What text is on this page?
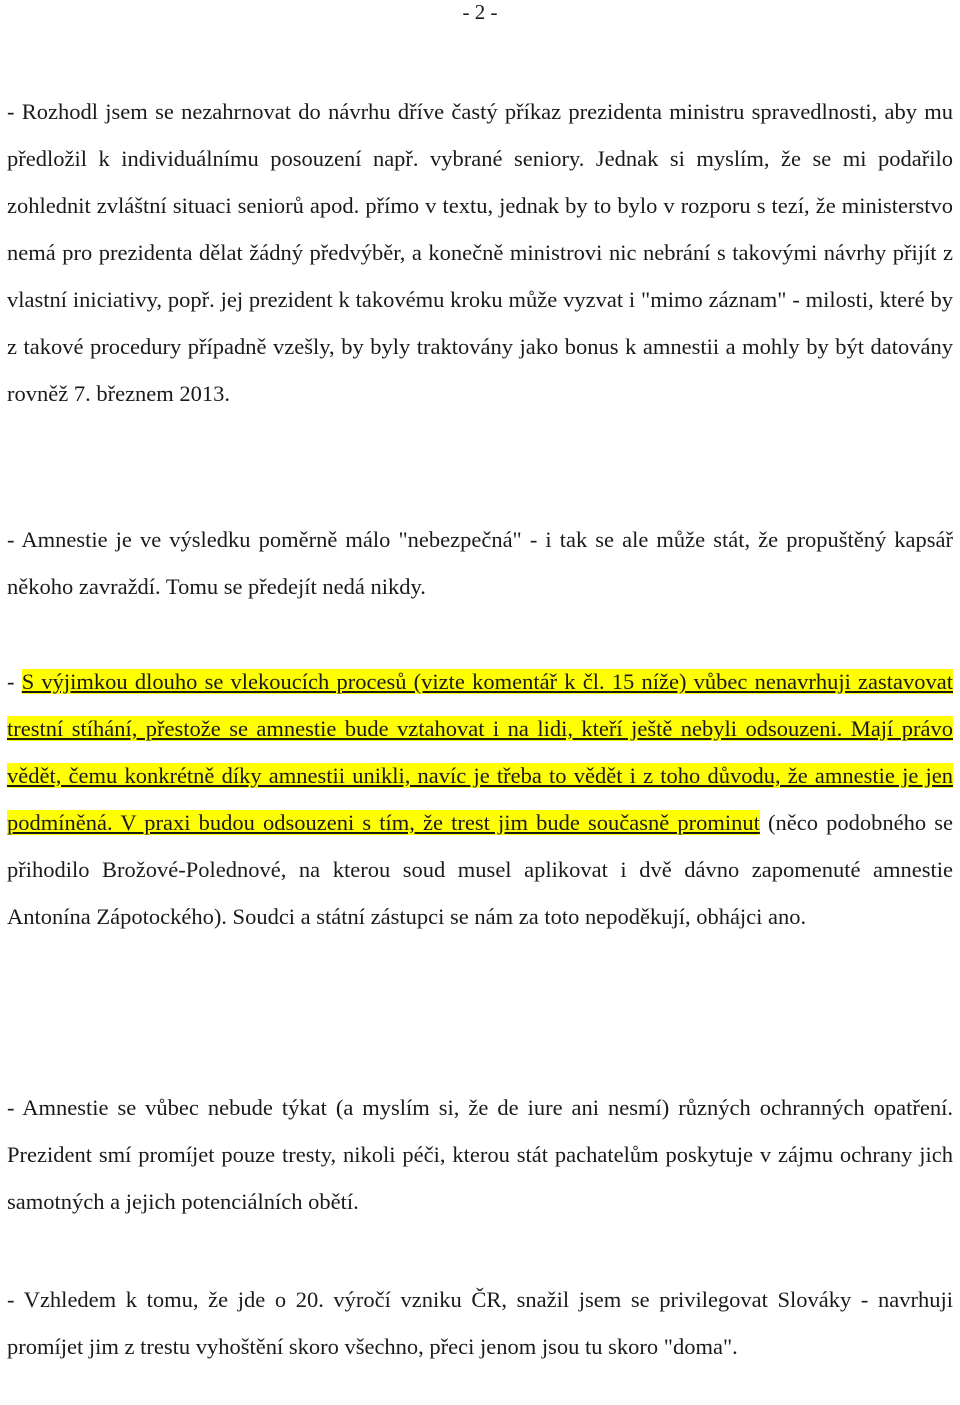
- 2 -

- Rozhodl jsem se nezahrnovat do návrhu dříve častý příkaz prezidenta ministru spravedlnosti, aby mu předložil k individuálnímu posouzení např. vybrané seniory. Jednak si myslím, že se mi podařilo zohlednit zvláštní situaci seniorů apod. přímo v textu, jednak by to bylo v rozporu s tezí, že ministerstvo nemá pro prezidenta dělat žádný předvýběr, a konečně ministrovi nic nebrání s takovými návrhy přijít z vlastní iniciativy, popř. jej prezident k takovému kroku může vyzvat i "mimo záznam" - milosti, které by z takové procedury případně vzešly, by byly traktovány jako bonus k amnestii a mohly by být datovány rovněž 7. březnem 2013.

- Amnestie je ve výsledku poměrně málo "nebezpečná" - i tak se ale může stát, že propuštěný kapsář někoho zavraždí. Tomu se předejít nedá nikdy.

- S výjimkou dlouho se vlekoucích procesů (vizte komentář k čl. 15 níže) vůbec nenavrhuji zastavovat trestní stíhání, přestože se amnestie bude vztahovat i na lidi, kteří ještě nebyli odsouzeni. Mají právo vědět, čemu konkrétně díky amnestii unikli, navíc je třeba to vědět i z toho důvodu, že amnestie je jen podmíněná. V praxi budou odsouzeni s tím, že trest jim bude současně prominut (něco podobného se přihodilo Brožové-Polednové, na kterou soud musel aplikovat i dvě dávno zapomenuté amnestie Antonína Zápotockého). Soudci a státní zástupci se nám za toto nepoděkují, obhájci ano.

- Amnestie se vůbec nebude týkat (a myslím si, že de iure ani nesmí) různých ochranných opatření. Prezident smí promíjet pouze tresty, nikoli péči, kterou stát pachatelům poskytuje v zájmu ochrany jich samotných a jejich potenciálních obětí.

- Vzhledem k tomu, že jde o 20. výročí vzniku ČR, snažil jsem se privilegovat Slováky - navrhuji promíjet jim z trestu vyhoštění skoro všechno, přeci jenom jsou tu skoro "doma".
